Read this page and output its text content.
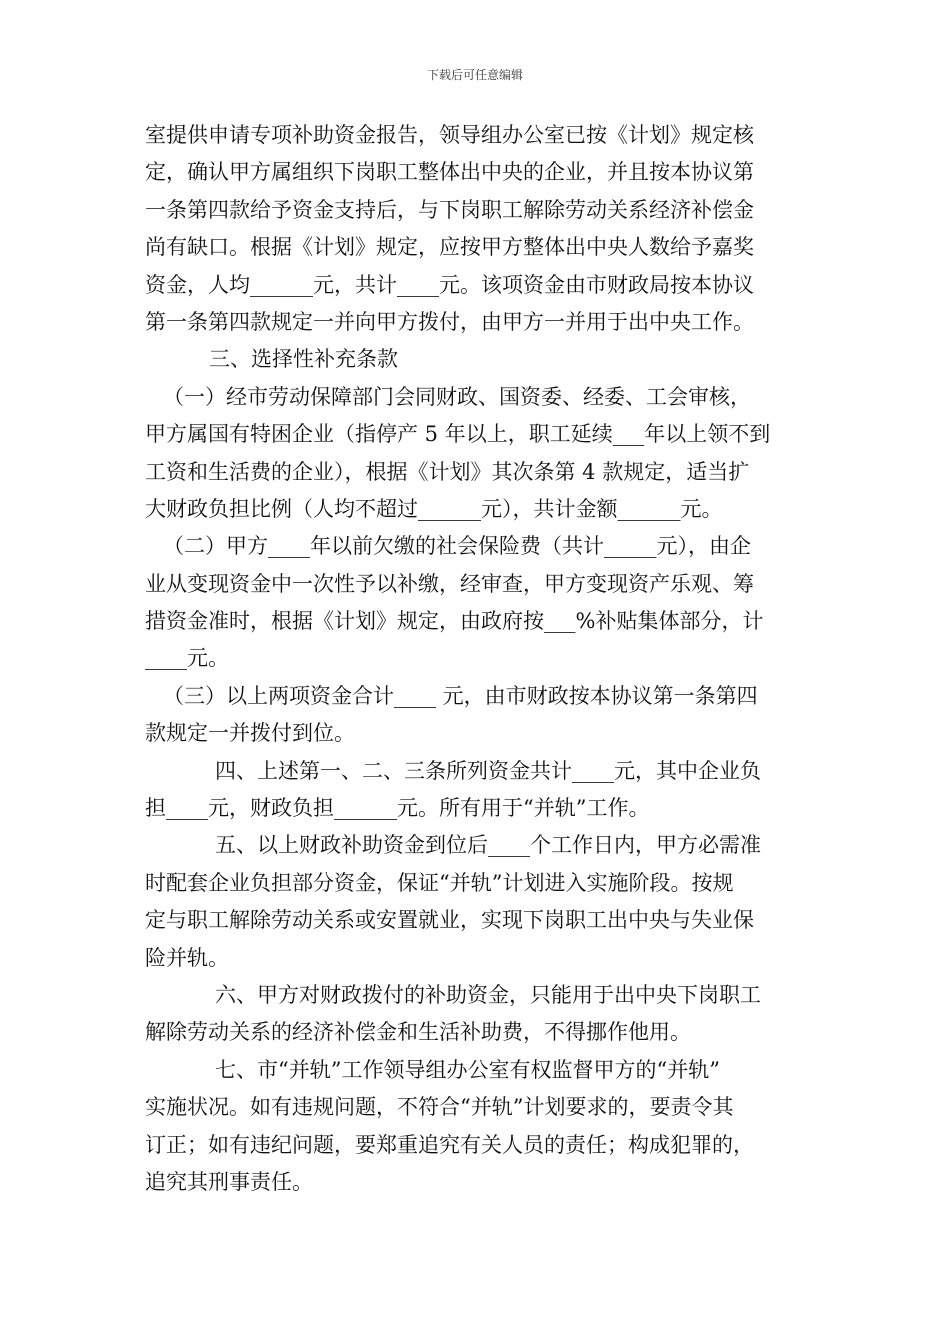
下载后可任意编辑
室提供申请专项补助资金报告，领导组办公室已按《计划》规定核
定，确认甲方属组织下岗职工整体出中央的企业，并且按本协议第
一条第四款给予资金支持后，与下岗职工解除劳动关系经济补偿金
尚有缺口。根据《计划》规定，应按甲方整体出中央人数给予嘉奖
资金，人均______元，共计____元。该项资金由市财政局按本协议
第一条第四款规定一并向甲方拨付，由甲方一并用于出中央工作。
三、选择性补充条款
（一）经市劳动保障部门会同财政、国资委、经委、工会审核，
甲方属国有特困企业（指停产 5 年以上，职工延续___年以上领不到
工资和生活费的企业），根据《计划》其次条第 4 款规定，适当扩
大财政负担比例（人均不超过______元），共计金额______元。
（二）甲方____年以前欠缴的社会保险费（共计_____元），由企
业从变现资金中一次性予以补缴，经审查，甲方变现资产乐观、筹
措资金准时，根据《计划》规定，由政府按___%补贴集体部分，计
____元。
（三）以上两项资金合计____ 元，由市财政按本协议第一条第四
款规定一并拨付到位。
四、上述第一、二、三条所列资金共计____元，其中企业负
担____元，财政负担______元。所有用于“并轨”工作。
五、以上财政补助资金到位后____个工作日内，甲方必需准
时配套企业负担部分资金，保证“并轨”计划进入实施阶段。按规
定与职工解除劳动关系或安置就业，实现下岗职工出中央与失业保
险并轨。
六、甲方对财政拨付的补助资金，只能用于出中央下岗职工
解除劳动关系的经济补偿金和生活补助费，不得挪作他用。
七、市“并轨”工作领导组办公室有权监督甲方的“并轨”
实施状况。如有违规问题，不符合“并轨”计划要求的，要责令其
订正；如有违纪问题，要郑重追究有关人员的责任；构成犯罪的，
追究其刑事责任。
